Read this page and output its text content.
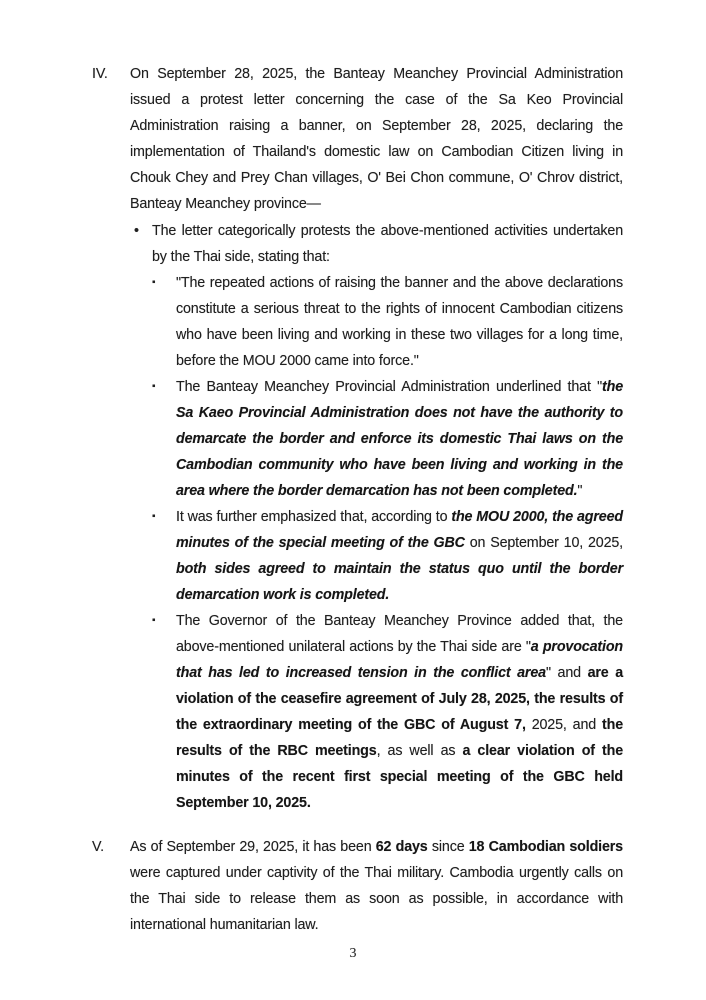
IV.	On September 28, 2025, the Banteay Meanchey Provincial Administration issued a protest letter concerning the case of the Sa Keo Provincial Administration raising a banner, on September 28, 2025, declaring the implementation of Thailand's domestic law on Cambodian Citizen living in Chouk Chey and Prey Chan villages, O' Bei Chon commune, O' Chrov district, Banteay Meanchey province—

• The letter categorically protests the above-mentioned activities undertaken by the Thai side, stating that:

▪	"The repeated actions of raising the banner and the above declarations constitute a serious threat to the rights of innocent Cambodian citizens who have been living and working in these two villages for a long time, before the MOU 2000 came into force."
▪	The Banteay Meanchey Provincial Administration underlined that "the Sa Kaeo Provincial Administration does not have the authority to demarcate the border and enforce its domestic Thai laws on the Cambodian community who have been living and working in the area where the border demarcation has not been completed."
▪	It was further emphasized that, according to the MOU 2000, the agreed minutes of the special meeting of the GBC on September 10, 2025, both sides agreed to maintain the status quo until the border demarcation work is completed.
▪	The Governor of the Banteay Meanchey Province added that, the above-mentioned unilateral actions by the Thai side are "a provocation that has led to increased tension in the conflict area" and are a violation of the ceasefire agreement of July 28, 2025, the results of the extraordinary meeting of the GBC of August 7, 2025, and the results of the RBC meetings, as well as a clear violation of the minutes of the recent first special meeting of the GBC held September 10, 2025.
V.	As of September 29, 2025, it has been 62 days since 18 Cambodian soldiers were captured under captivity of the Thai military. Cambodia urgently calls on the Thai side to release them as soon as possible, in accordance with international humanitarian law.
3
